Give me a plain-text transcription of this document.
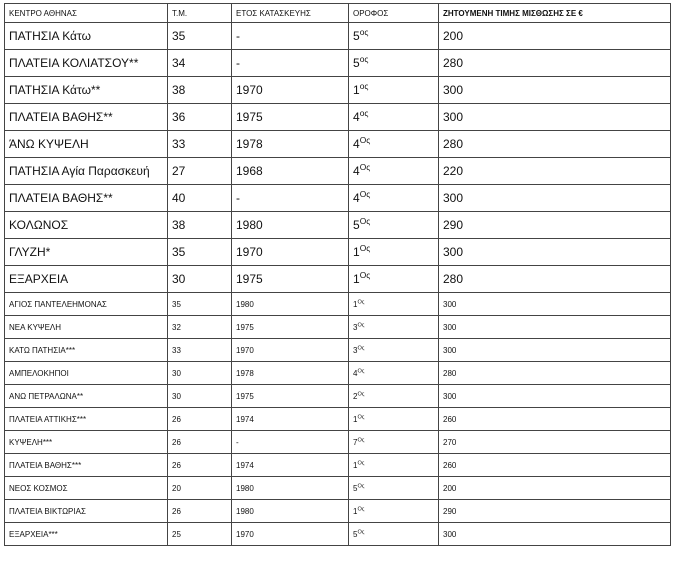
ΚΕΝΤΡΟ ΑΘΗΝΑΣ	Τ.Μ.	ΕΤΟΣ ΚΑΤΑΣΚΕΥΗΣ	ΟΡΟΦΟΣ	ΖΗΤΟΥΜΕΝΗ ΤΙΜΗΣ ΜΙΣΘΩΣΗΣ ΣΕ €
ΠΑΤΗΣΙΑ Κάτω	35	-	$5^{o\varsigma}$	200
ΠΛΑΤΕΙΑ ΚΟΛΙΑΤΣΟΥ**	34	-	$5^{o\varsigma}$	280
ΠΑΤΗΣΙΑ Κάτω**	38	1970	$1^{o\varsigma}$	300
ΠΛΑΤΕΙΑ ΒΑΘΗΣ**	36	1975	$4^{o\varsigma}$	300
ΆΝΩ ΚΥΨΕΛΗ	33	1978	$4^{O\varsigma}$	280
ΠΑΤΗΣΙΑ Αγία Παρασκευή	27	1968	$4^{O\varsigma}$	220
ΠΛΑΤΕΙΑ ΒΑΘΗΣ**	40	-	$4^{O\varsigma}$	300
ΚΟΛΩΝΟΣ	38	1980	$5^{O\varsigma}$	290
ΓΛΥΖΗ*	35	1970	$1^{O\varsigma}$	300
ΕΞΑΡΧΕΙΑ	30	1975	$1^{O\varsigma}$	280
ΑΓΙΟΣ ΠΑΝΤΕΛΕΗΜΟΝΑΣ	35	1980	$1^{O\varsigma}$	300
ΝΕΑ ΚΥΨΕΛΗ	32	1975	$3^{O\varsigma}$	300
ΚΑΤΩ ΠΑΤΗΣΙΑ***	33	1970	$3^{O\varsigma}$	300
ΑΜΠΕΛΟΚΗΠΟΙ	30	1978	$4^{O\varsigma}$	280
ΑΝΩ ΠΕΤΡΑΛΩΝΑ**	30	1975	$2^{O\varsigma}$	300
ΠΛΑΤΕΙΑ ΑΤΤΙΚΗΣ***	26	1974	$1^{O\varsigma}$	260
ΚΥΨΕΛΗ***	26	-	$7^{O\varsigma}$	270
ΠΛΑΤΕΙΑ ΒΑΘΗΣ***	26	1974	$1^{O\varsigma}$	260
ΝΕΟΣ ΚΟΣΜΟΣ	20	1980	$5^{O\varsigma}$	200
ΠΛΑΤΕΙΑ ΒΙΚΤΩΡΙΑΣ	26	1980	$1^{O\varsigma}$	290
ΕΞΑΡΧΕΙΑ***	25	1970	$5^{O\varsigma}$	300
